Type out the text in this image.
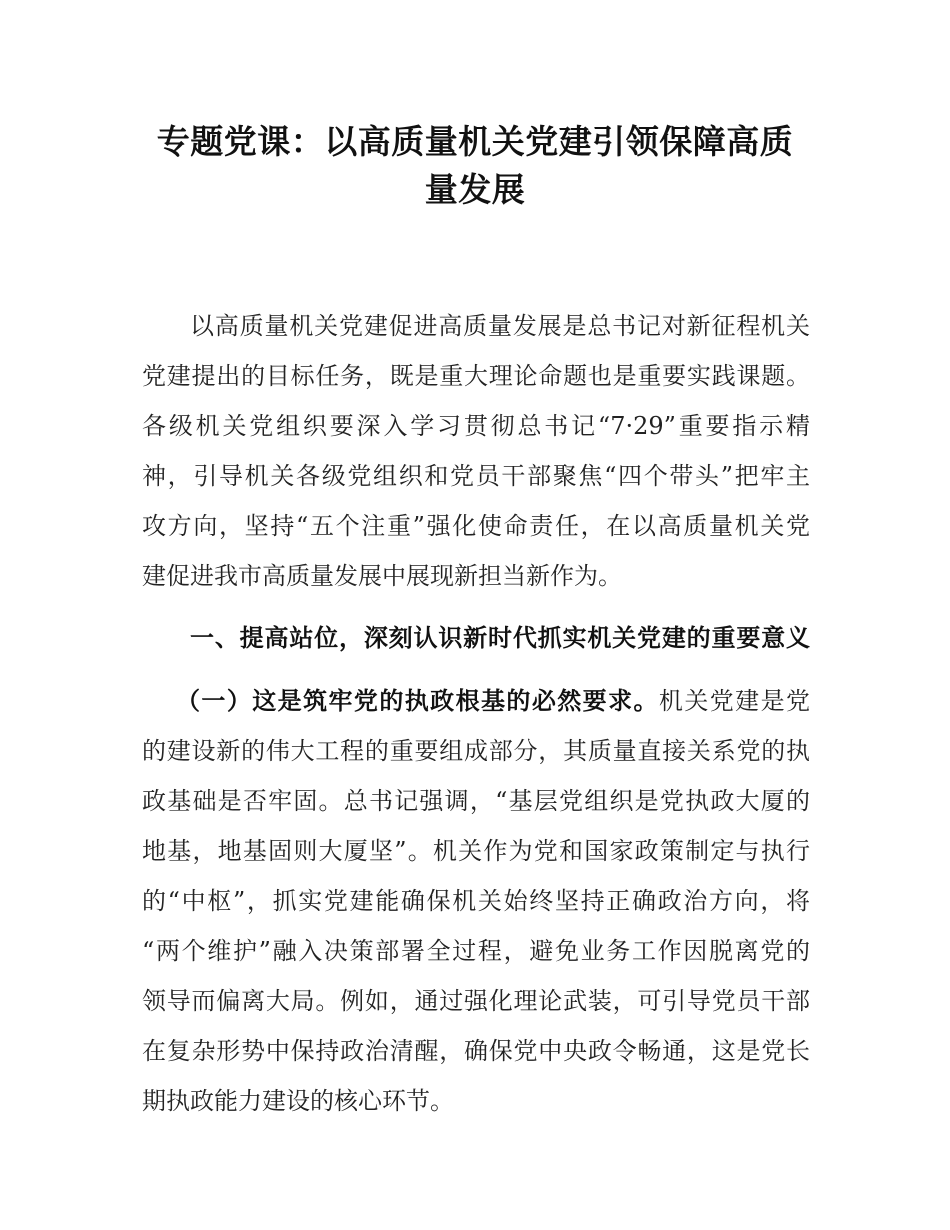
专题党课：以高质量机关党建引领保障高质
量发展
以高质量机关党建促进高质量发展是总书记对新征程机关
党建提出的目标任务，既是重大理论命题也是重要实践课题。
各级机关党组织要深入学习贯彻总书记“7·29”重要指示精
神，引导机关各级党组织和党员干部聚焦“四个带头”把牢主
攻方向，坚持“五个注重”强化使命责任，在以高质量机关党
建促进我市高质量发展中展现新担当新作为。
一、提高站位，深刻认识新时代抓实机关党建的重要意义
（一）这是筑牢党的执政根基的必然要求。机关党建是党
的建设新的伟大工程的重要组成部分，其质量直接关系党的执
政基础是否牢固。总书记强调，“基层党组织是党执政大厦的
地基，地基固则大厦坚”。机关作为党和国家政策制定与执行
的“中枢”，抓实党建能确保机关始终坚持正确政治方向，将
“两个维护”融入决策部署全过程，避免业务工作因脱离党的
领导而偏离大局。例如，通过强化理论武装，可引导党员干部
在复杂形势中保持政治清醒，确保党中央政令畅通，这是党长
期执政能力建设的核心环节。
